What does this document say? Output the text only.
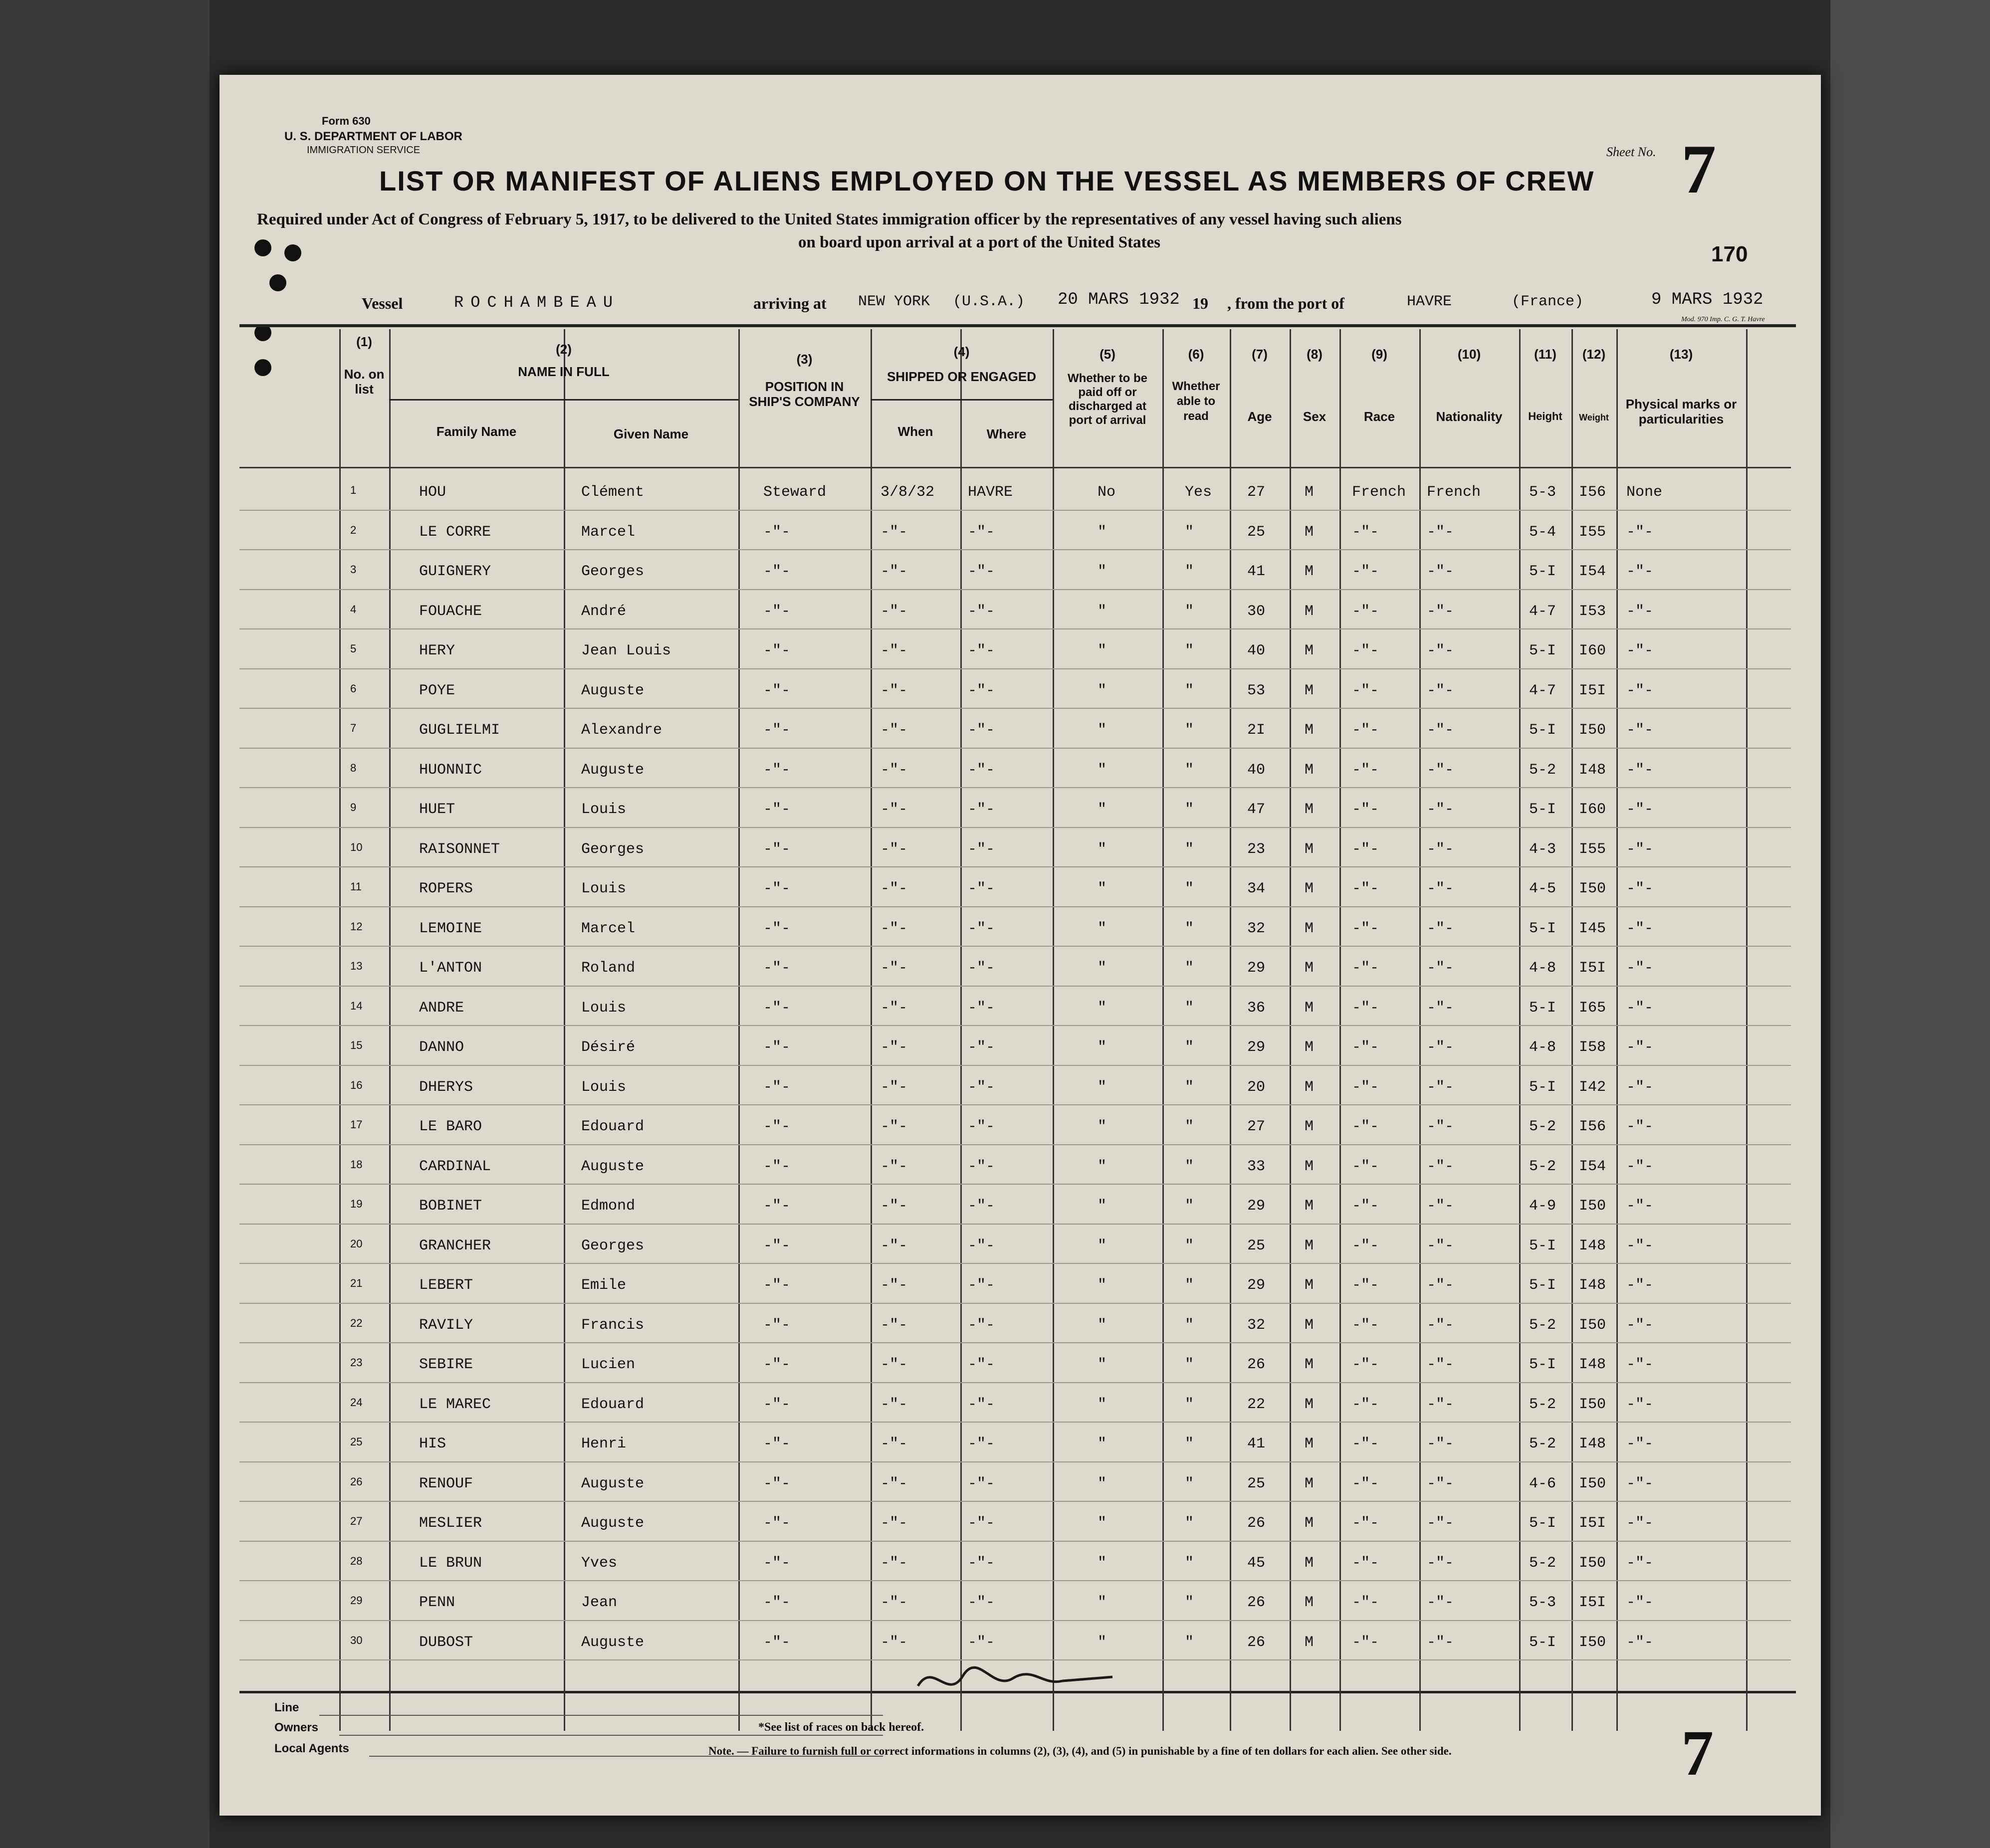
Form 630
U. S. DEPARTMENT OF LABOR
IMMIGRATION SERVICE	Sheet No. 7
LIST OR MANIFEST OF ALIENS EMPLOYED ON THE VESSEL AS MEMBERS OF CREW
Required under Act of Congress of February 5, 1917, to be delivered to the United States immigration officer by the representatives of any vessel having such aliens
on board upon arrival at a port of the United States	170
Vessel	ROCHAMBEAU	arriving at NEW YORK (U.S.A.) 20 MARS 1932 19 , from the port of	HAVRE	(France)	9 MARS 1932
Mod. 970 Imp. C. G. T. Havre
(1)
No. on list
(2)
NAME IN FULL
Family Name	Given Name
(3)
POSITION IN SHIP'S COMPANY
(4)
SHIPPED OR ENGAGED
When	Where
(5)
Whether to be paid off or discharged at port of arrival
(6)
Whether able to read
(7)
Age
(8)
Sex
(9)
Race
(10)
Nationality
(11)
Height
(12)
Weight
(13)
Physical marks or particularities
1	HOU	Clément	Steward	3/8/32 HAVRE	No	Yes 27	M	French French	5-3 I56 None
2	LE CORRE	Marcel	-"-	-"-	-"-	"	"	25	M	-"-	-"-	5-4 I55 -"-
3	GUIGNERY	Georges	-"-	-"-	-"-	"	"	41	M	-"-	-"-	5-I I54 -"-
4	FOUACHE	André	-"-	-"-	-"-	"	"	30	M	-"-	-"-	4-7 I53 -"-
5	HERY	Jean Louis	-"-	-"-	-"-	"	"	40	M	-"-	-"-	5-I I60 -"-
6	POYE	Auguste	-"-	-"-	-"-	"	"	53	M	-"-	-"-	4-7 I5I -"-
7	GUGLIELMI	Alexandre	-"-	-"-	-"-	"	"	2I	M	-"-	-"-	5-I I50 -"-
8	HUONNIC	Auguste	-"-	-"-	-"-	"	"	40	M	-"-	-"-	5-2 I48 -"-
9	HUET	Louis	-"-	-"-	-"-	"	"	47	M	-"-	-"-	5-I I60 -"-
10	RAISONNET	Georges	-"-	-"-	-"-	"	"	23	M	-"-	-"-	4-3 I55 -"-
11	ROPERS	Louis	-"-	-"-	-"-	"	"	34	M	-"-	-"-	4-5 I50 -"-
12	LEMOINE	Marcel	-"-	-"-	-"-	"	"	32	M	-"-	-"-	5-I I45 -"-
13	L'ANTON	Roland	-"-	-"-	-"-	"	"	29	M	-"-	-"-	4-8 I5I -"-
14	ANDRE	Louis	-"-	-"-	-"-	"	"	36	M	-"-	-"-	5-I I65 -"-
15	DANNO	Désiré	-"-	-"-	-"-	"	"	29	M	-"-	-"-	4-8 I58 -"-
16	DHERYS	Louis	-"-	-"-	-"-	"	"	20	M	-"-	-"-	5-I I42 -"-
17	LE BARO	Edouard	-"-	-"-	-"-	"	"	27	M	-"-	-"-	5-2 I56 -"-
18	CARDINAL	Auguste	-"-	-"-	-"-	"	"	33	M	-"-	-"-	5-2 I54 -"-
19	BOBINET	Edmond	-"-	-"-	-"-	"	"	29	M	-"-	-"-	4-9 I50 -"-
20	GRANCHER	Georges	-"-	-"-	-"-	"	"	25	M	-"-	-"-	5-I I48 -"-
21	LEBERT	Emile	-"-	-"-	-"-	"	"	29	M	-"-	-"-	5-I I48 -"-
22	RAVILY	Francis	-"-	-"-	-"-	"	"	32	M	-"-	-"-	5-2 I50 -"-
23	SEBIRE	Lucien	-"-	-"-	-"-	"	"	26	M	-"-	-"-	5-I I48 -"-
24	LE MAREC	Edouard	-"-	-"-	-"-	"	"	22	M	-"-	-"-	5-2 I50 -"-
25	HIS	Henri	-"-	-"-	-"-	"	"	41	M	-"-	-"-	5-2 I48 -"-
26	RENOUF	Auguste	-"-	-"-	-"-	"	"	25	M	-"-	-"-	4-6 I50 -"-
27	MESLIER	Auguste	-"-	-"-	-"-	"	"	26	M	-"-	-"-	5-I I5I -"-
28	LE BRUN	Yves	-"-	-"-	-"-	"	"	45	M	-"-	-"-	5-2 I50 -"-
29	PENN	Jean	-"-	-"-	-"-	"	"	26	M	-"-	-"-	5-3 I5I -"-
30	DUBOST	Auguste	-"-	-"-	-"-	"	"	26	M	-"-	-"-	5-I I50 -"-
Line
Owners
Local Agents
*See list of races on back hereof.
Note. — Failure to furnish full or correct informations in columns (2), (3), (4), and (5) in punishable by a fine of ten dollars for each alien. See other side.	7
